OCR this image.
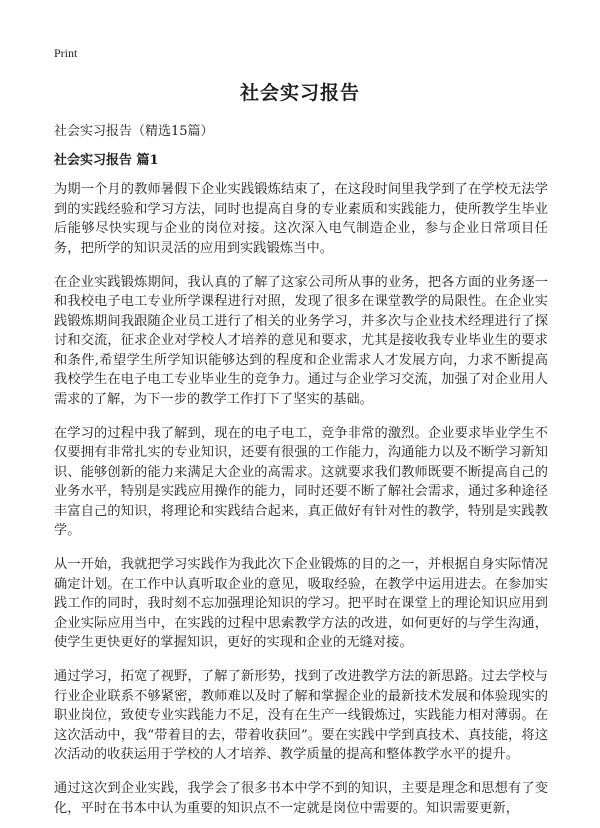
Print
社会实习报告
社会实习报告（精选15篇）
社会实习报告 篇1

为期一个月的教师暑假下企业实践锻炼结束了，在这段时间里我学到了在学校无法学到的实践经验和学习方法，同时也提高自身的专业素质和实践能力，使所教学生毕业后能够尽快实现与企业的岗位对接。这次深入电气制造企业，参与企业日常项目任务，把所学的知识灵活的应用到实践锻炼当中。

在企业实践锻炼期间，我认真的了解了这家公司所从事的业务，把各方面的业务逐一和我校电子电工专业所学课程进行对照，发现了很多在课堂教学的局限性。在企业实践锻炼期间我跟随企业员工进行了相关的业务学习，并多次与企业技术经理进行了探讨和交流，征求企业对学校人才培养的意见和要求，尤其是接收我专业毕业生的要求和条件,希望学生所学知识能够达到的程度和企业需求人才发展方向，力求不断提高我校学生在电子电工专业毕业生的竞争力。通过与企业学习交流，加强了对企业用人需求的了解，为下一步的教学工作打下了坚实的基础。

在学习的过程中我了解到，现在的电子电工，竞争非常的激烈。企业要求毕业学生不仅要拥有非常扎实的专业知识，还要有很强的工作能力，沟通能力以及不断学习新知识、能够创新的能力来满足大企业的高需求。这就要求我们教师既要不断提高自己的业务水平，特别是实践应用操作的能力，同时还要不断了解社会需求，通过多种途径丰富自己的知识，将理论和实践结合起来，真正做好有针对性的教学，特别是实践教学。

从一开始，我就把学习实践作为我此次下企业锻炼的目的之一，并根据自身实际情况确定计划。在工作中认真听取企业的意见，吸取经验，在教学中运用进去。在参加实践工作的同时，我时刻不忘加强理论知识的学习。把平时在课堂上的理论知识应用到企业实际应用当中，在实践的过程中思索教学方法的改进，如何更好的与学生沟通，使学生更快更好的掌握知识，更好的实现和企业的无缝对接。

通过学习，拓宽了视野，了解了新形势，找到了改进教学方法的新思路。过去学校与行业企业联系不够紧密，教师难以及时了解和掌握企业的最新技术发展和体验现实的职业岗位，致使专业实践能力不足，没有在生产一线锻炼过，实践能力相对薄弱。在这次活动中，我“带着目的去，带着收获回”。要在实践中学到真技术、真技能，将这次活动的收获运用于学校的人才培养、教学质量的提高和整体教学水平的提升。

通过这次到企业实践，我学会了很多书本中学不到的知识，主要是理念和思想有了变化，平时在书本中认为重要的知识点不一定就是岗位中需要的。知识需要更新，
